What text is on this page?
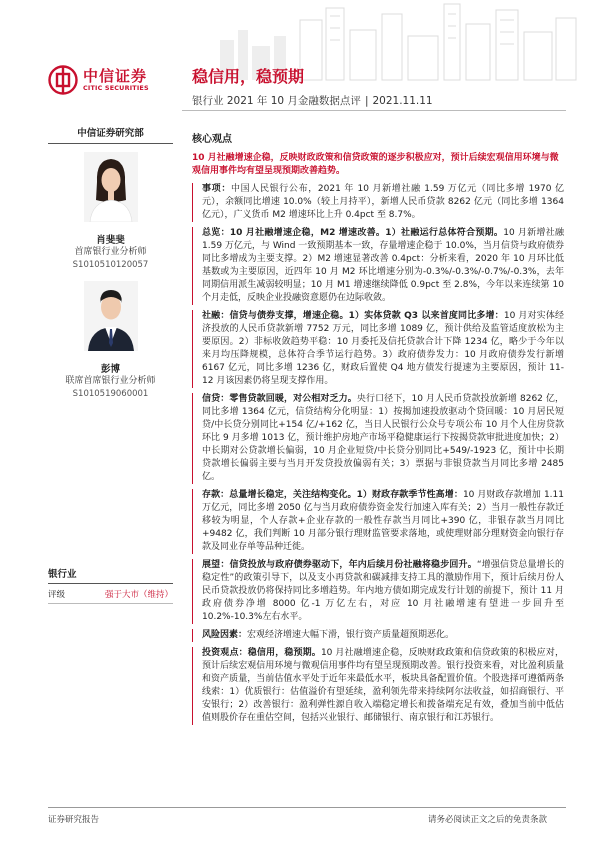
中信证券
CITIC SECURITIES
稳信用，稳预期
银行业 2021 年 10 月金融数据点评 | 2021.11.11
中信证券研究部
肖斐斐
首席银行业分析师
S1010510120057
彭博
联席首席银行业分析师
S1010519060001
银行业
评级	强于大市（维持）
核心观点
10 月社融增速企稳，反映财政政策和信贷政策的逐步积极应对，预计后续宏观信用环境与微观信用事件均有望呈现预期改善趋势。
事项：中国人民银行公布，2021 年 10 月新增社融 1.59 万亿元（同比多增 1970 亿元），余额同比增速 10.0%（较上月持平），新增人民币贷款 8262 亿元（同比多增 1364 亿元），广义货币 M2 增速环比上升 0.4pct 至 8.7%。
总览：10 月社融增速企稳，M2 增速改善。1）社融运行总体符合预期。10 月新增社融 1.59 万亿元，与 Wind 一致预期基本一致，存量增速企稳于 10.0%，当月信贷与政府债券同比多增成为主要支撑。2）M2 增速显著改善 0.4pct：分析来看，2020 年 10 月环比低基数或为主要原因，近四年 10 月 M2 环比增速分别为-0.3%/-0.3%/-0.7%/-0.3%，去年同期信用派生减弱较明显；10 月 M1 增速继续降低 0.9pct 至 2.8%，今年以来连续第 10 个月走低，反映企业投融资意愿仍在边际收敛。
社融：信贷与债券支撑，增速企稳。1）实体贷款 Q3 以来首度同比多增：10 月对实体经济投放的人民币贷款新增 7752 万元，同比多增 1089 亿，预计供给及监管适度放松为主要原因。2）非标收敛趋势平稳：10 月委托及信托贷款合计下降 1234 亿，略少于今年以来月均压降规模，总体符合季节运行趋势。3）政府债券发力：10 月政府债券发行新增 6167 亿元，同比多增 1236 亿，财政后置使 Q4 地方债发行提速为主要原因，预计 11-12 月该因素仍将呈现支撑作用。
信贷：零售贷款回暖，对公相对乏力。央行口径下，10 月人民币贷款投放新增 8262 亿，同比多增 1364 亿元，信贷结构分化明显：1）按揭加速投放驱动个贷回暖：10 月居民短贷/中长贷分别同比+154 亿/+162 亿，当日人民银行公众号专项公布 10 月个人住房贷款环比 9 月多增 1013 亿，预计维护房地产市场平稳健康运行下按揭贷款审批进度加快；2）中长期对公贷款增长偏弱，10 月企业短贷/中长贷分别同比+549/-1923 亿，预计中长期贷款增长偏弱主要与当月开发贷投放偏弱有关；3）票据与非银贷款当月同比多增 2485 亿。
存款：总量增长稳定，关注结构变化。1）财政存款季节性高增：10 月财政存款增加 1.11 万亿元，同比多增 2050 亿与当月政府债券资金发行加速入库有关；2）当月一般性存款迁移较为明显，个人存款+企业存款的一般性存款当月同比+390 亿，非银存款当月同比+9482 亿，我们判断 10 月部分银行理财监管要求落地，或使理财部分理财资金向银行存款及同业存单等品种迁徙。
展望：信贷投放与政府债券驱动下，年内后续月份社融将稳步回升。“增强信贷总量增长的稳定性”的政策引导下，以及支小再贷款和碳减排支持工具的激励作用下，预计后续月份人民币贷款投放仍将保持同比多增趋势。年内地方债如期完成发行计划的前提下，预计 11 月政府债券净增 8000 亿-1 万亿左右，对应 10 月社融增速有望进一步回升至 10.2%-10.3%左右水平。
风险因素：宏观经济增速大幅下滑，银行资产质量超预期恶化。
投资观点：稳信用，稳预期。10 月社融增速企稳，反映财政政策和信贷政策的积极应对，预计后续宏观信用环境与微观信用事件均有望呈现预期改善。银行投资来看，对比盈利质量和资产质量，当前估值水平处于近年来最低水平，板块具备配置价值。个股选择可遵循两条线索：1）优质银行：估值溢价有望延续，盈利领先带来持续阿尔法收益，如招商银行、平安银行；2）改善银行：盈利弹性源自收入端稳定增长和拨备端充足有效，叠加当前中低估值则股价存在重估空间，包括兴业银行、邮储银行、南京银行和江苏银行。
证券研究报告	请务必阅读正文之后的免责条款
